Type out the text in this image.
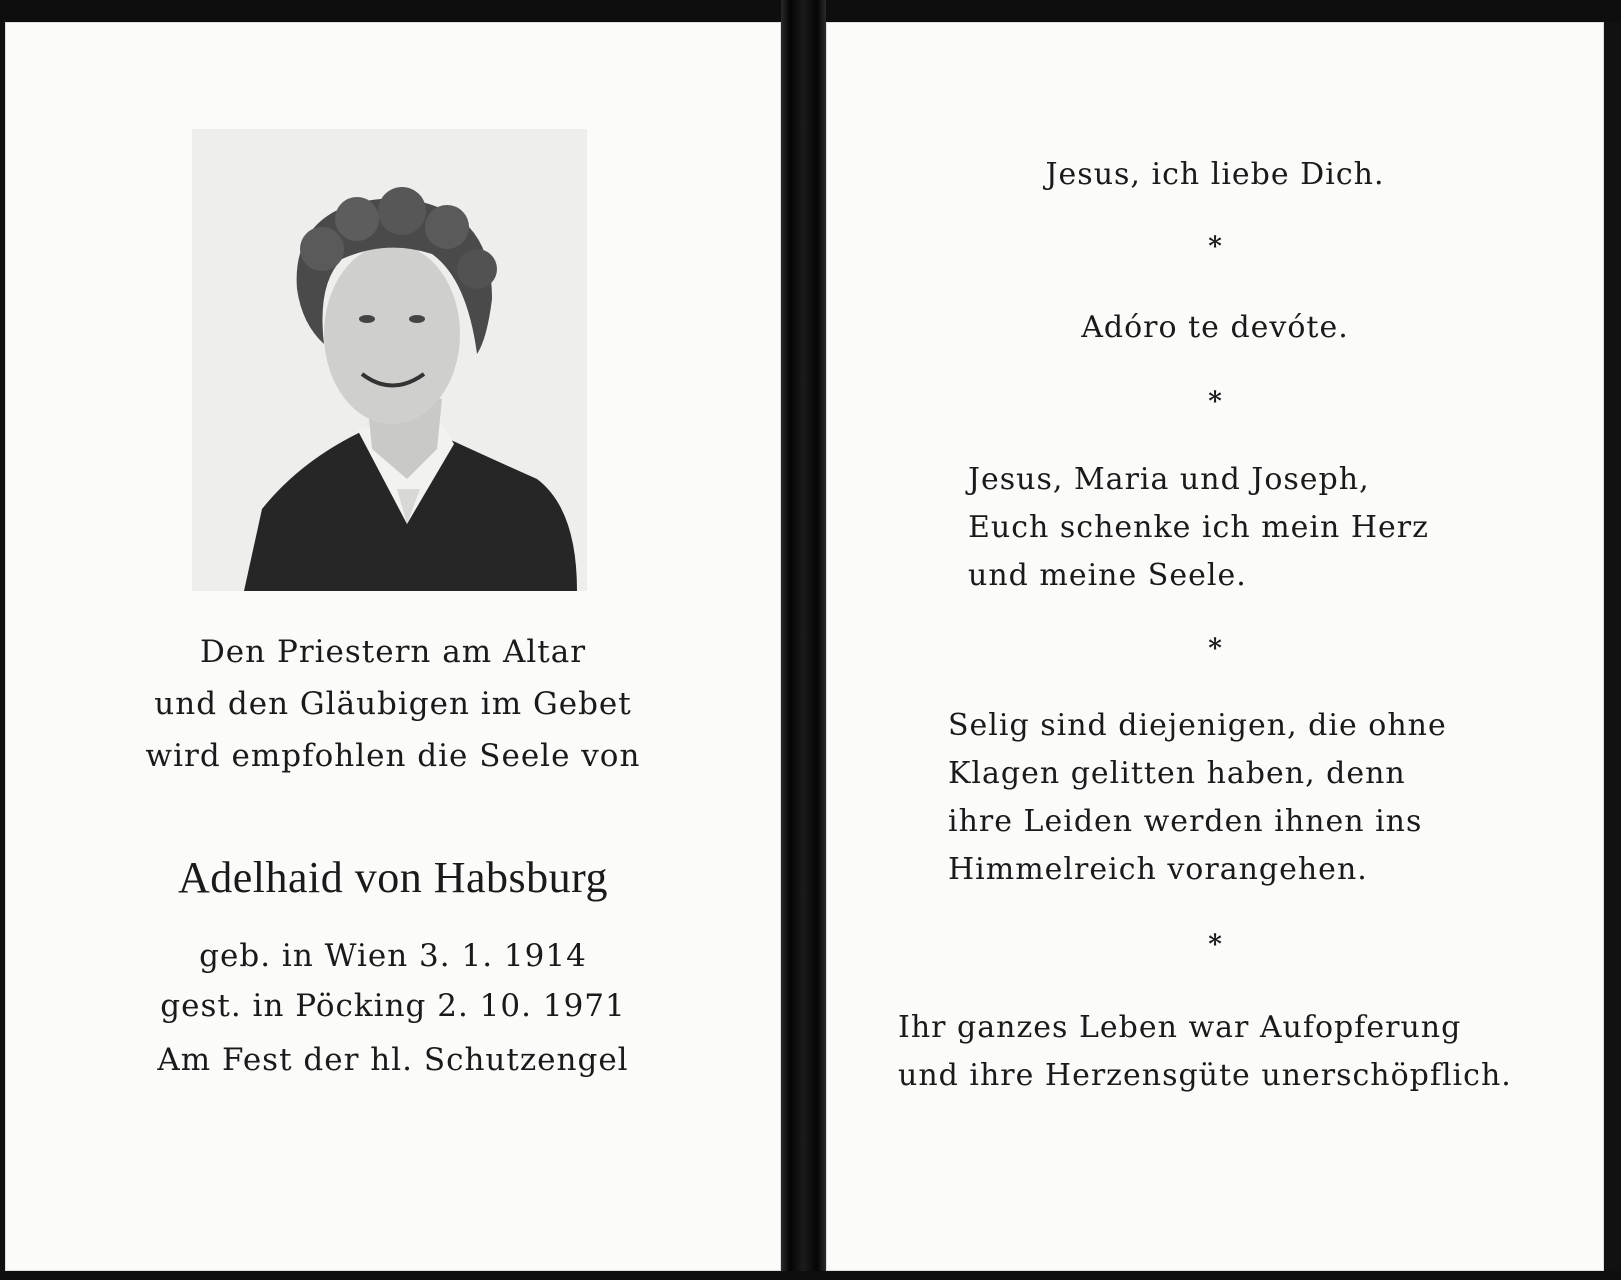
Den Priestern am Altar
und den Gläubigen im Gebet
wird empfohlen die Seele von
Adelhaid von Habsburg
geb. in Wien 3. 1. 1914
gest. in Pöcking 2. 10. 1971
Am Fest der hl. Schutzengel
Jesus, ich liebe Dich.
*
Adóro te devóte.
*
Jesus, Maria und Joseph,
Euch schenke ich mein Herz
und meine Seele.
*
Selig sind diejenigen, die ohne
Klagen gelitten haben, denn
ihre Leiden werden ihnen ins
Himmelreich vorangehen.
*
Ihr ganzes Leben war Aufopferung
und ihre Herzensgüte unerschöpflich.
